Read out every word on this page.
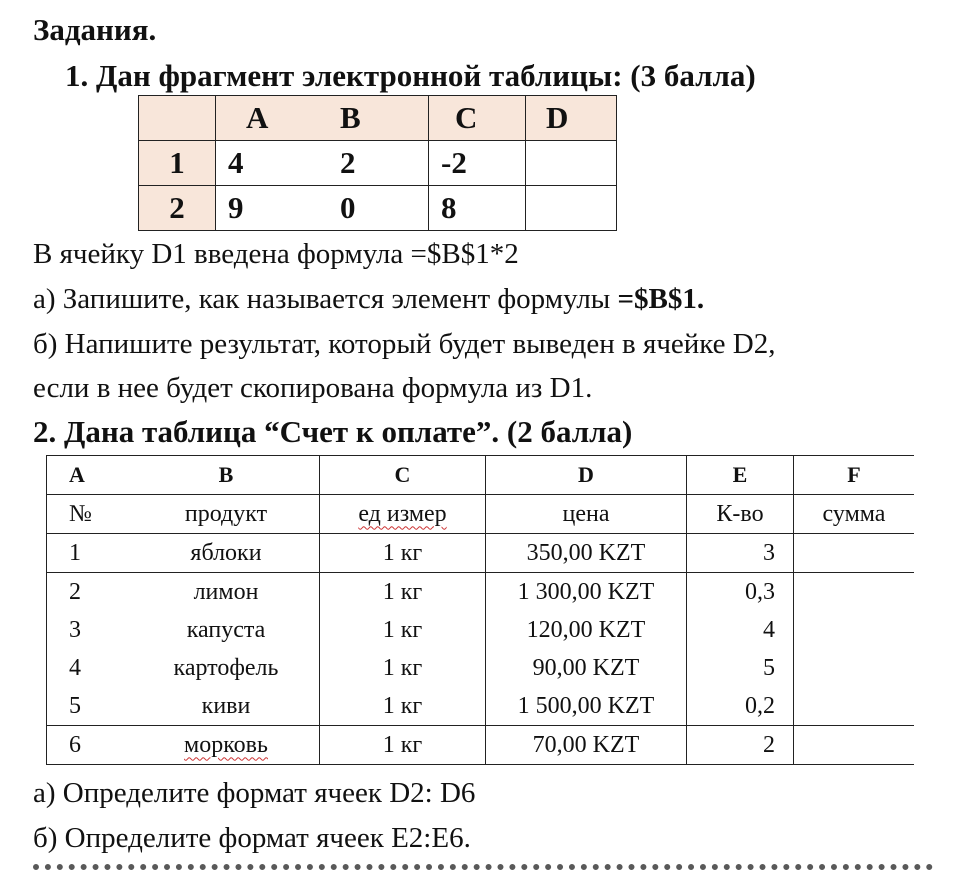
Задания.
1. Дан фрагмент электронной таблицы: (3 балла)
	A	B	C	D
1	4	2	-2	
2	9	0	8	
В ячейку D1 введена формула =$B$1*2
а) Запишите, как называется элемент формулы =$B$1.
б) Напишите результат, который будет выведен в ячейке D2,
если в нее будет скопирована формула из D1.
2. Дана таблица “Счет к оплате”. (2 балла)
A	B	C	D	E	F
№	продукт	ед измер	цена	К-во	сумма
1	яблоки	1 кг	350,00 KZT	3	
2	лимон	1 кг	1 300,00 KZT	0,3	
3	капуста	1 кг	120,00 KZT	4	
4	картофель	1 кг	90,00 KZT	5	
5	киви	1 кг	1 500,00 KZT	0,2	
6	морковь	1 кг	70,00 KZT	2	
а) Определите формат ячеек D2: D6
б) Определите формат ячеек E2:E6.
